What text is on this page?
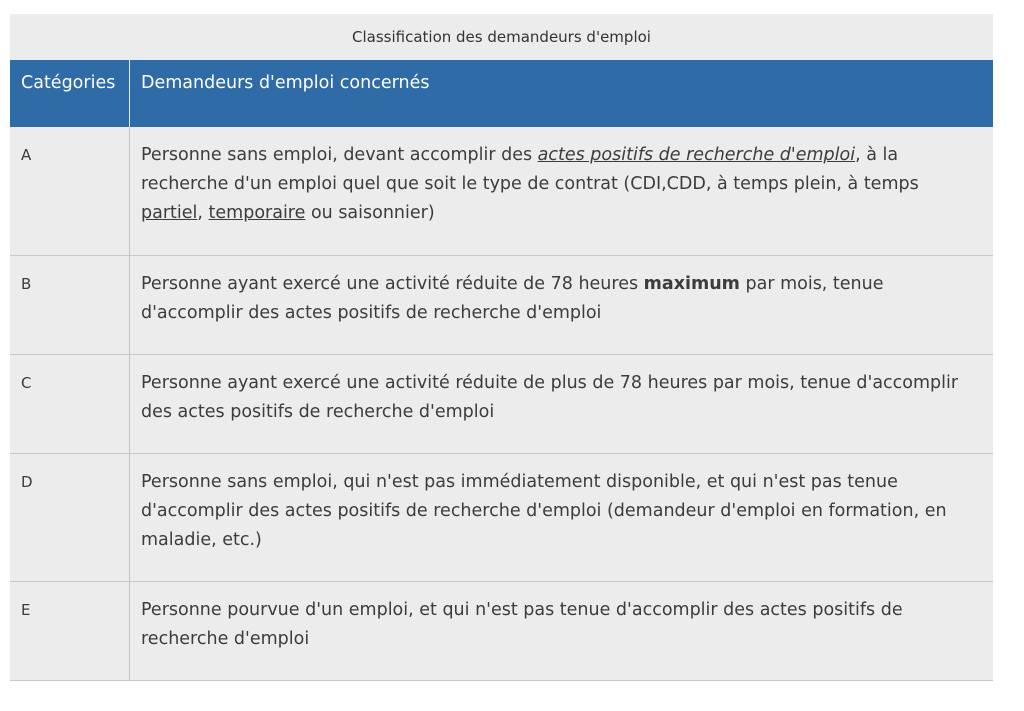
Classification des demandeurs d'emploi
Catégories	Demandeurs d'emploi concernés
A	Personne sans emploi, devant accomplir des actes positifs de recherche d'emploi, à la recherche d'un emploi quel que soit le type de contrat (CDI,CDD, à temps plein, à temps partiel, temporaire ou saisonnier)
B	Personne ayant exercé une activité réduite de 78 heures maximum par mois, tenue d'accomplir des actes positifs de recherche d'emploi
C	Personne ayant exercé une activité réduite de plus de 78 heures par mois, tenue d'accomplir des actes positifs de recherche d'emploi
D	Personne sans emploi, qui n'est pas immédiatement disponible, et qui n'est pas tenue d'accomplir des actes positifs de recherche d'emploi (demandeur d'emploi en formation, en maladie, etc.)
E	Personne pourvue d'un emploi, et qui n'est pas tenue d'accomplir des actes positifs de recherche d'emploi
